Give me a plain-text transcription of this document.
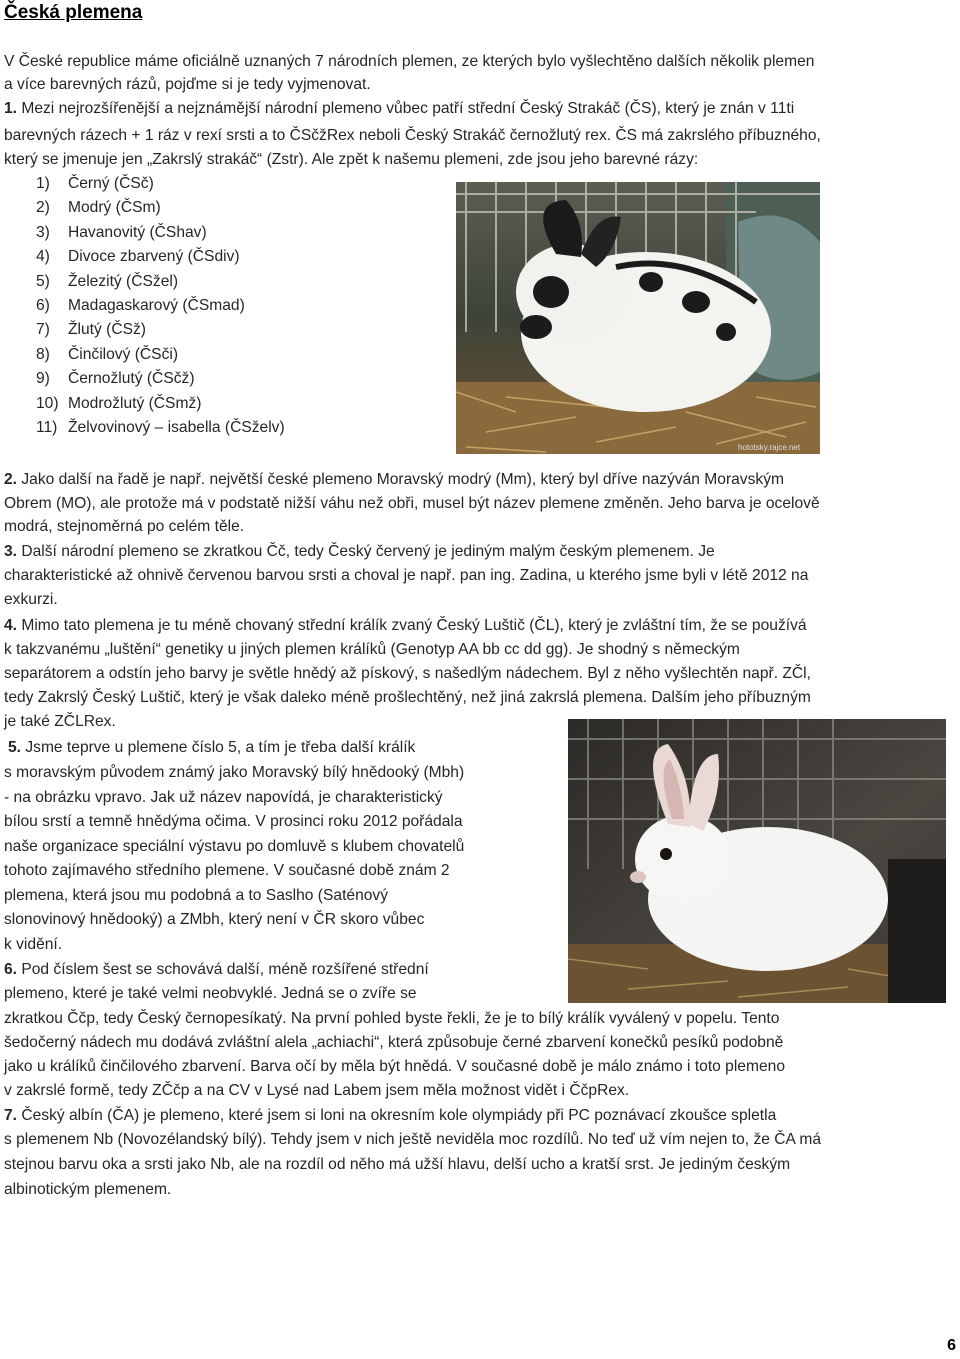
Česká plemena
V České republice máme oficiálně uznaných 7 národních plemen, ze kterých bylo vyšlechtěno dalších několik plemen
a více barevných rázů, pojďme si je tedy vyjmenovat.
1. Mezi nejrozšířenější a nejznámější národní plemeno vůbec patří střední Český Strakáč (ČS), který je znán v 11ti
barevných rázech + 1 ráz v rexí srsti a to ČSčžRex neboli Český Strakáč černožlutý rex. ČS má zakrslého příbuzného,
který se jmenuje jen „Zakrslý strakáč“ (Zstr). Ale zpět k našemu plemeni, zde jsou jeho barevné rázy:
1) Černý (ČSč)
2) Modrý (ČSm)
3) Havanovitý (ČShav)
4) Divoce zbarvený (ČSdiv)
5) Železitý (ČSžel)
6) Madagaskarový (ČSmad)
7) Žlutý (ČSž)
8) Činčilový (ČSči)
9) Černožlutý (ČSčž)
10) Modrožlutý (ČSmž)
11) Želvovinový – isabella (ČSželv)
hototsky.rajce.net
2. Jako další na řadě je např. největší české plemeno Moravský modrý (Mm), který byl dříve nazýván Moravským
Obrem (MO), ale protože má v podstatě nižší váhu než obři, musel být název plemene změněn. Jeho barva je ocelově
modrá, stejnoměrná po celém těle.
3. Další národní plemeno se zkratkou Čč, tedy Český červený je jediným malým českým plemenem. Je
charakteristické až ohnivě červenou barvou srsti a choval je např. pan ing. Zadina, u kterého jsme byli v létě 2012 na
exkurzi.
4. Mimo tato plemena je tu méně chovaný střední králík zvaný Český Luštič (ČL), který je zvláštní tím, že se používá
k takzvanému „luštění“ genetiky u jiných plemen králíků (Genotyp AA bb cc dd gg). Je shodný s německým
separátorem a odstín jeho barvy je světle hnědý až pískový, s našedlým nádechem. Byl z něho vyšlechtěn např. ZČl,
tedy Zakrslý Český Luštič, který je však daleko méně prošlechtěný, než jiná zakrslá plemena. Dalším jeho příbuzným
je také ZČLRex.
5. Jsme teprve u plemene číslo 5, a tím je třeba další králík
s moravským původem známý jako Moravský bílý hnědooký (Mbh)
- na obrázku vpravo. Jak už název napovídá, je charakteristický
bílou srstí a temně hnědýma očima. V prosinci roku 2012 pořádala
naše organizace speciální výstavu po domluvě s klubem chovatelů
tohoto zajímavého středního plemene. V současné době znám 2
plemena, která jsou mu podobná a to Saslho (Saténový
slonovinový hnědooký) a ZMbh, který není v ČR skoro vůbec
k vidění.
6. Pod číslem šest se schovává další, méně rozšířené střední
plemeno, které je také velmi neobvyklé. Jedná se o zvíře se
zkratkou Ččp, tedy Český černopesíkatý. Na první pohled byste řekli, že je to bílý králík vyválený v popelu. Tento
šedočerný nádech mu dodává zvláštní alela „achiachi“, která způsobuje černé zbarvení konečků pesíků podobně
jako u králíků činčilového zbarvení. Barva očí by měla být hnědá. V současné době je málo známo i toto plemeno
v zakrslé formě, tedy ZČčp a na CV v Lysé nad Labem jsem měla možnost vidět i ČčpRex.
7. Český albín (ČA) je plemeno, které jsem si loni na okresním kole olympiády při PC poznávací zkoušce spletla
s plemenem Nb (Novozélandský bílý). Tehdy jsem v nich ještě neviděla moc rozdílů. No teď už vím nejen to, že ČA má
stejnou barvu oka a srsti jako Nb, ale na rozdíl od něho má užší hlavu, delší ucho a kratší srst. Je jediným českým
albinotickým plemenem.
6
